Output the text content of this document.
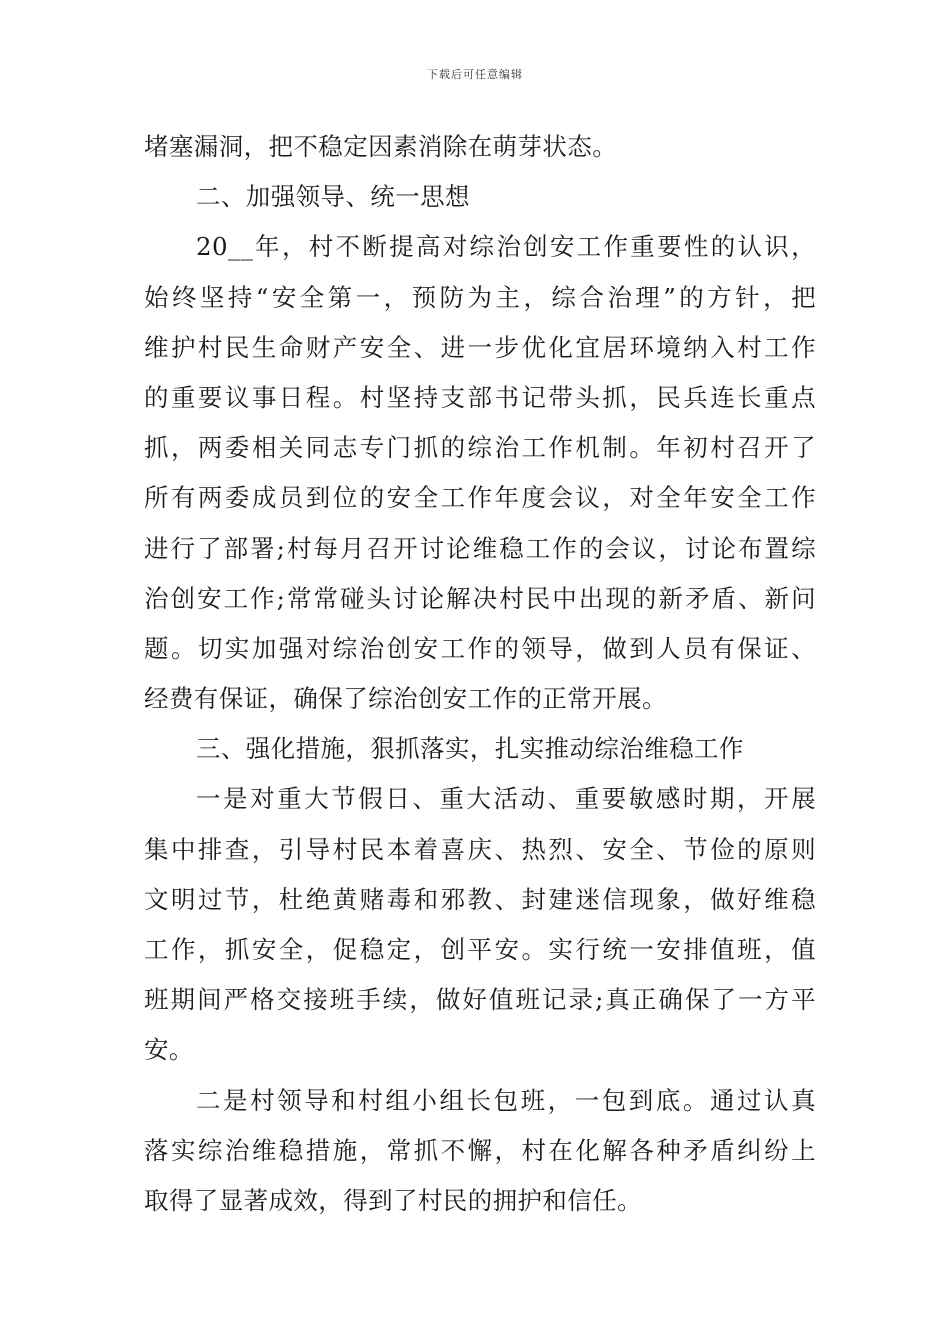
下载后可任意编辑
堵塞漏洞，把不稳定因素消除在萌芽状态。
二、加强领导、统一思想
20__年，村不断提高对综治创安工作重要性的认识，
始终坚持“安全第一，预防为主，综合治理”的方针，把
维护村民生命财产安全、进一步优化宜居环境纳入村工作
的重要议事日程。村坚持支部书记带头抓，民兵连长重点
抓，两委相关同志专门抓的综治工作机制。年初村召开了
所有两委成员到位的安全工作年度会议，对全年安全工作
进行了部署;村每月召开讨论维稳工作的会议，讨论布置综
治创安工作;常常碰头讨论解决村民中出现的新矛盾、新问
题。切实加强对综治创安工作的领导，做到人员有保证、
经费有保证，确保了综治创安工作的正常开展。
三、强化措施，狠抓落实，扎实推动综治维稳工作
一是对重大节假日、重大活动、重要敏感时期，开展
集中排查，引导村民本着喜庆、热烈、安全、节俭的原则
文明过节，杜绝黄赌毒和邪教、封建迷信现象，做好维稳
工作，抓安全，促稳定，创平安。实行统一安排值班，值
班期间严格交接班手续，做好值班记录;真正确保了一方平
安。
二是村领导和村组小组长包班，一包到底。通过认真
落实综治维稳措施，常抓不懈，村在化解各种矛盾纠纷上
取得了显著成效，得到了村民的拥护和信任。
